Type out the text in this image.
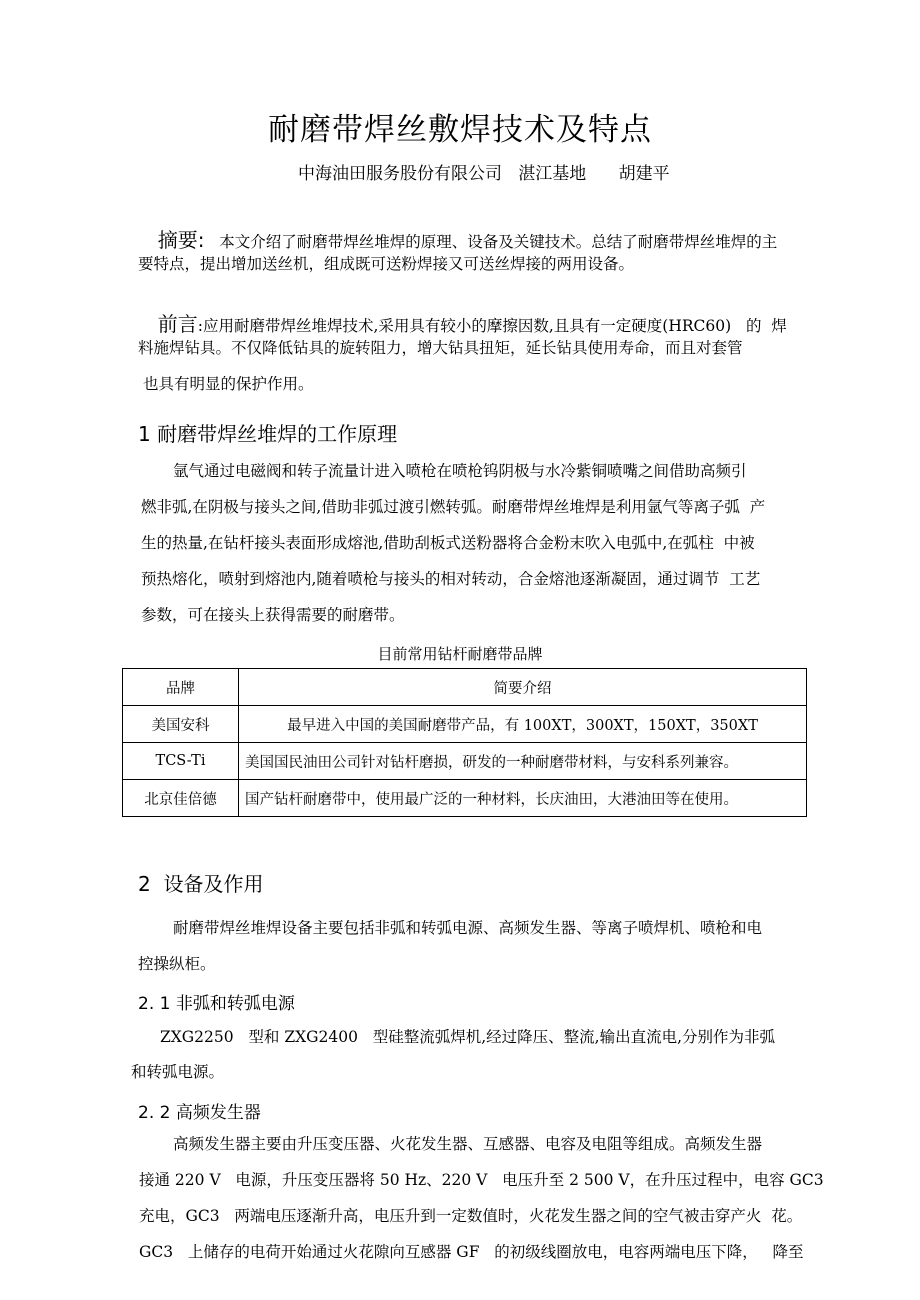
耐磨带焊丝敷焊技术及特点
中海油田服务股份有限公司   湛江基地      胡建平

摘要:   本文介绍了耐磨带焊丝堆焊的原理、设备及关键技术。总结了耐磨带焊丝堆焊的主

要特点，提出增加送丝机，组成既可送粉焊接又可送丝焊接的两用设备。

前言:应用耐磨带焊丝堆焊技术,采用具有较小的摩擦因数,且具有一定硬度(HRC60)   的  焊

料施焊钻具。不仅降低钻具的旋转阻力，增大钻具扭矩，延长钻具使用寿命，而且对套管
也具有明显的保护作用。
1 耐磨带焊丝堆焊的工作原理
氩气通过电磁阀和转子流量计进入喷枪在喷枪钨阴极与水冷紫铜喷嘴之间借助高频引
燃非弧,在阴极与接头之间,借助非弧过渡引燃转弧。耐磨带焊丝堆焊是利用氩气等离子弧  产
生的热量,在钻杆接头表面形成熔池,借助刮板式送粉器将合金粉末吹入电弧中,在弧柱  中被
预热熔化，喷射到熔池内,随着喷枪与接头的相对转动，合金熔池逐渐凝固，通过调节  工艺
参数，可在接头上获得需要的耐磨带。
目前常用钻杆耐磨带品牌
品牌	简要介绍
美国安科	最早进入中国的美国耐磨带产品，有 100XT，300XT，150XT，350XT
TCS-Ti	美国国民油田公司针对钻杆磨损，研发的一种耐磨带材料，与安科系列兼容。
北京佳倍德	国产钻杆耐磨带中，使用最广泛的一种材料，长庆油田，大港油田等在使用。
2  设备及作用
耐磨带焊丝堆焊设备主要包括非弧和转弧电源、高频发生器、等离子喷焊机、喷枪和电
控操纵柜。
2. 1 非弧和转弧电源
ZXG2250   型和 ZXG2400   型硅整流弧焊机,经过降压、整流,输出直流电,分别作为非弧
和转弧电源。
2. 2 高频发生器
高频发生器主要由升压变压器、火花发生器、互感器、电容及电阻等组成。高频发生器
接通 220 V   电源，升压变压器将 50 Hz、220 V   电压升至 2 500 V，在升压过程中，电容 GC3
充电，GC3   两端电压逐渐升高，电压升到一定数值时，火花发生器之间的空气被击穿产火  花。
GC3   上储存的电荷开始通过火花隙向互感器 GF   的初级线圈放电，电容两端电压下降，   降至
